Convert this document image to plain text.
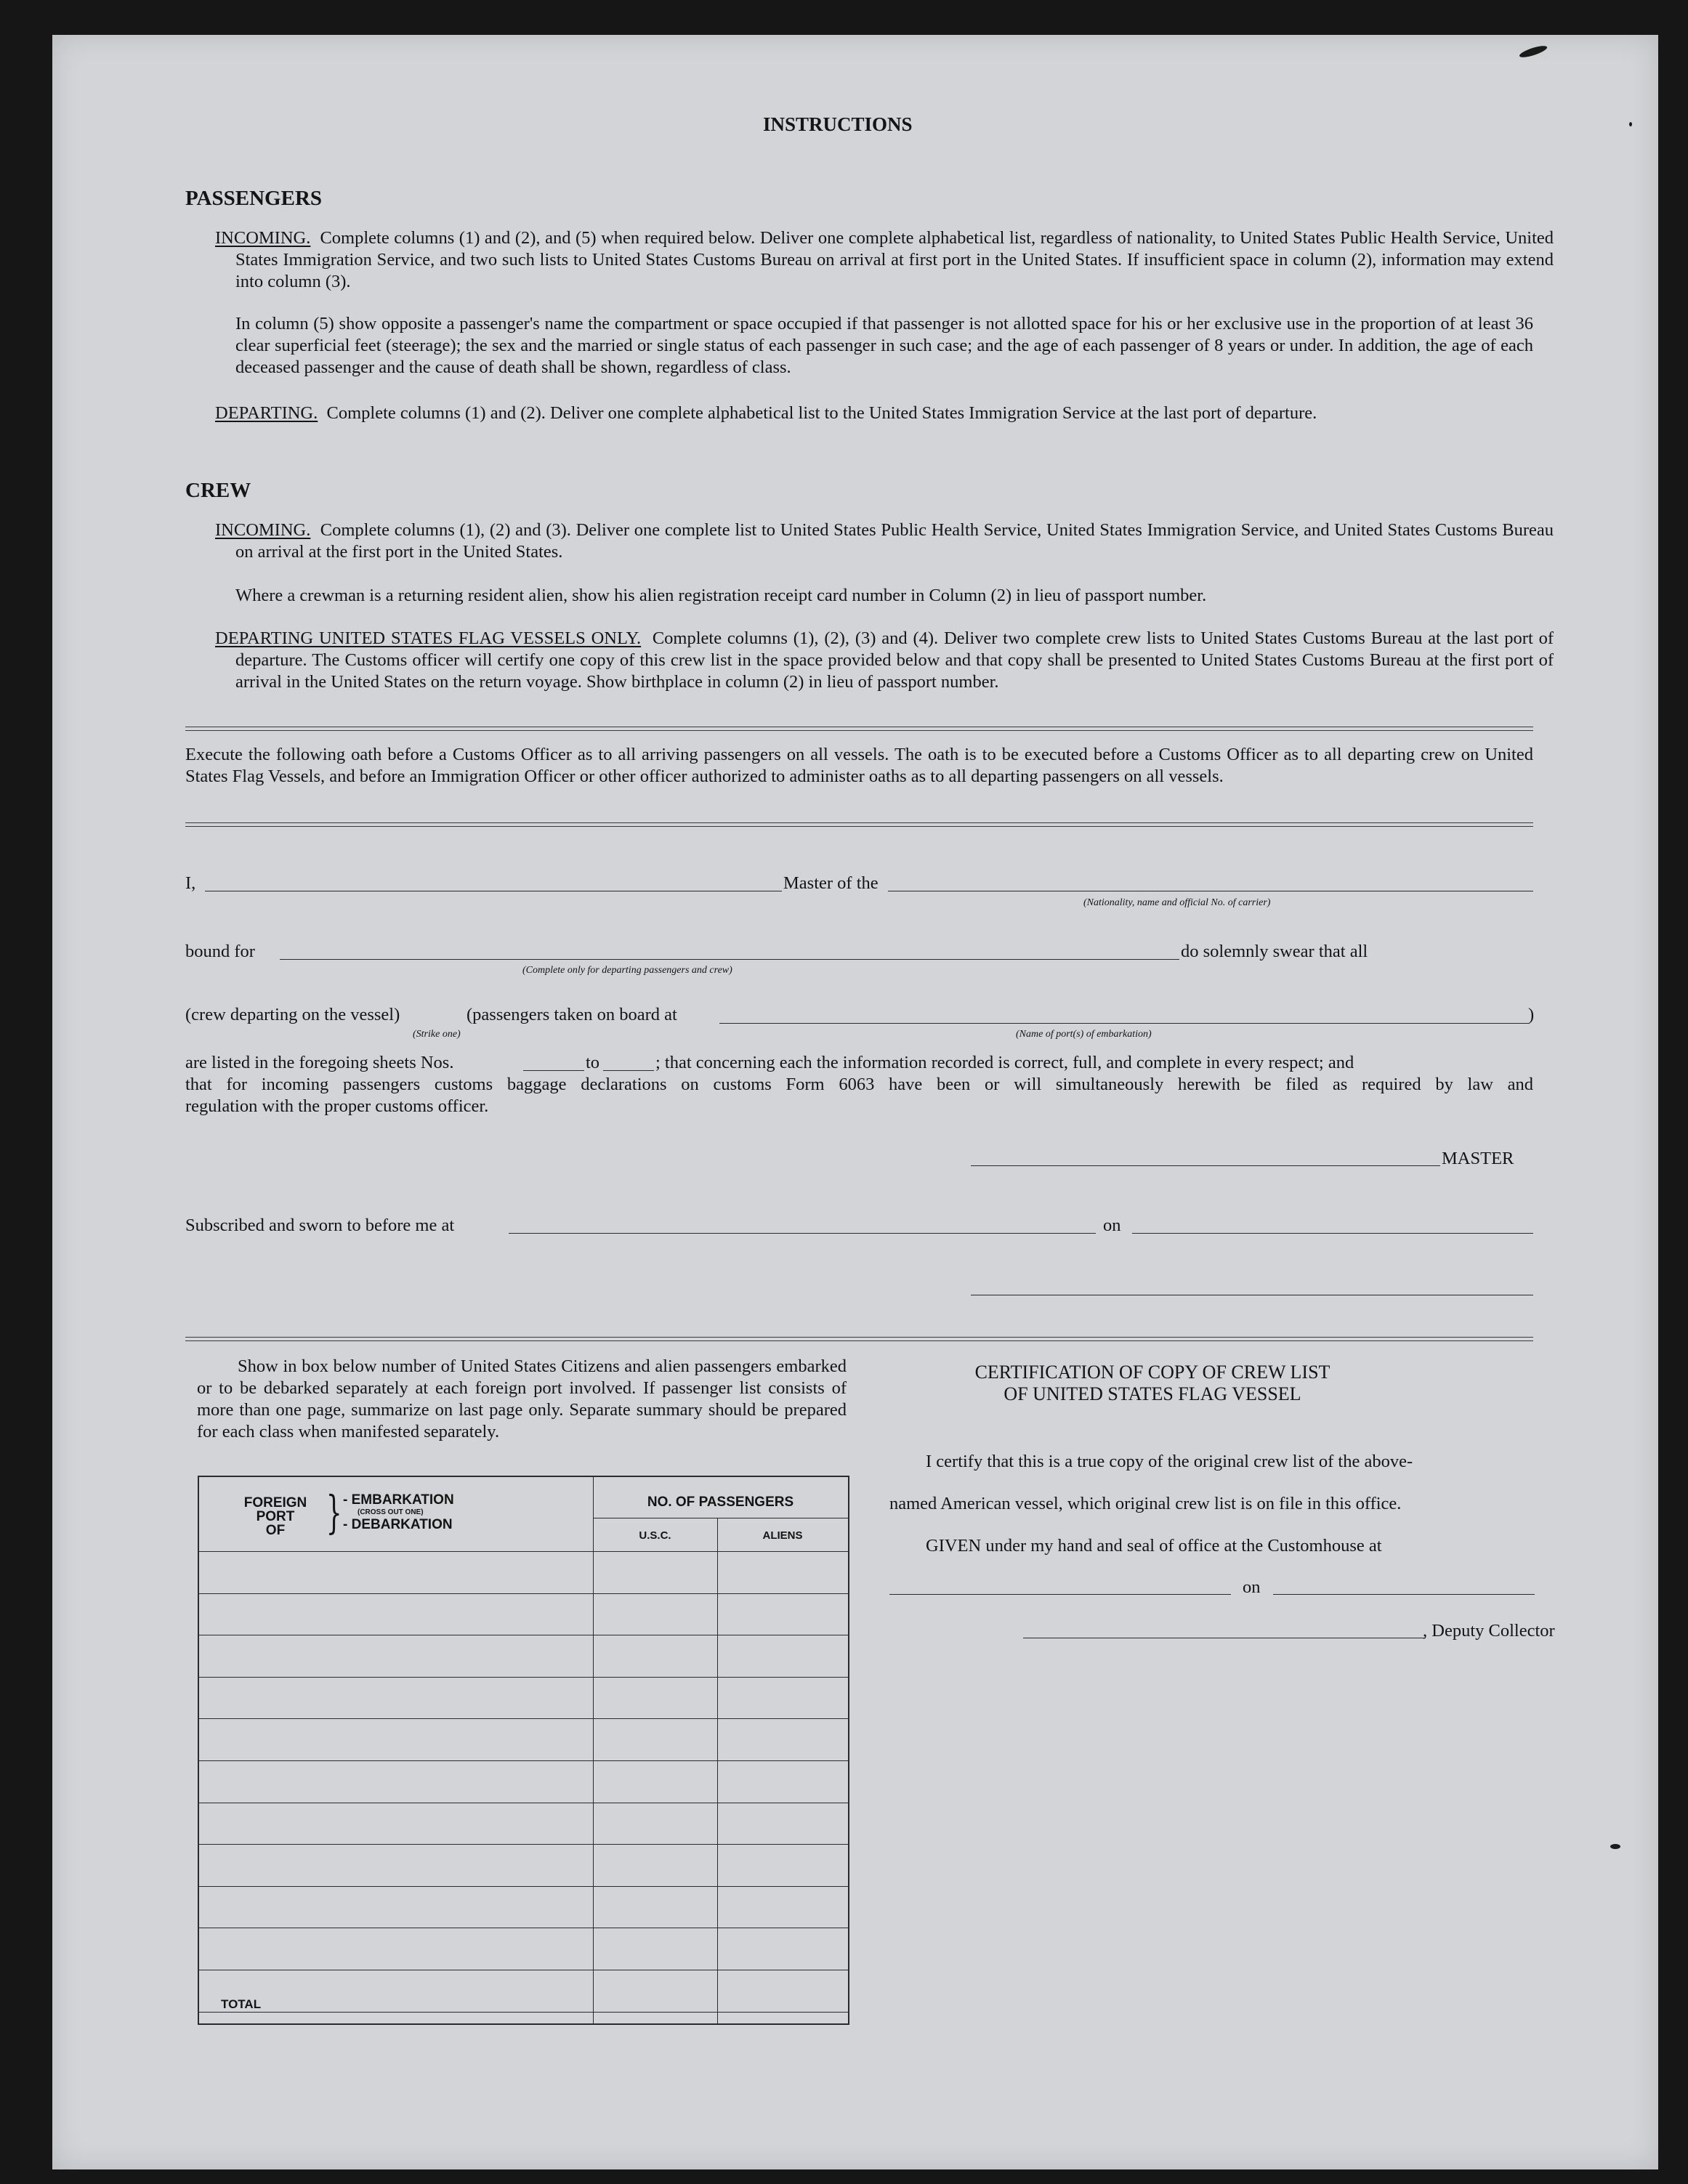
INSTRUCTIONS
PASSENGERS
INCOMING. Complete columns (1) and (2), and (5) when required below. Deliver one complete alphabetical list, regardless of nationality, to United States Public Health Service, United States Immigration Service, and two such lists to United States Customs Bureau on arrival at first port in the United States. If insufficient space in column (2), information may extend into column (3).
In column (5) show opposite a passenger's name the compartment or space occupied if that passenger is not allotted space for his or her exclusive use in the proportion of at least 36 clear superficial feet (steerage); the sex and the married or single status of each passenger in such case; and the age of each passenger of 8 years or under. In addition, the age of each deceased passenger and the cause of death shall be shown, regardless of class.
DEPARTING. Complete columns (1) and (2). Deliver one complete alphabetical list to the United States Immigration Service at the last port of departure.
CREW
INCOMING. Complete columns (1), (2) and (3). Deliver one complete list to United States Public Health Service, United States Immigration Service, and United States Customs Bureau on arrival at the first port in the United States.
Where a crewman is a returning resident alien, show his alien registration receipt card number in Column (2) in lieu of passport number.
DEPARTING UNITED STATES FLAG VESSELS ONLY. Complete columns (1), (2), (3) and (4). Deliver two complete crew lists to United States Customs Bureau at the last port of departure. The Customs officer will certify one copy of this crew list in the space provided below and that copy shall be presented to United States Customs Bureau at the first port of arrival in the United States on the return voyage. Show birthplace in column (2) in lieu of passport number.
Execute the following oath before a Customs Officer as to all arriving passengers on all vessels. The oath is to be executed before a Customs Officer as to all departing crew on United States Flag Vessels, and before an Immigration Officer or other officer authorized to administer oaths as to all departing passengers on all vessels.
I,	Master of the
(Nationality, name and official No. of carrier)
bound for
(Complete only for departing passengers and crew)
do solemnly swear that all
(crew departing on the vessel)	(passengers taken on board at	)
(Strike one)	(Name of port(s) of embarkation)
are listed in the foregoing sheets Nos.	to	; that concerning each the information recorded is correct, full, and complete in every respect; and
that for incoming passengers customs baggage declarations on customs Form 6063 have been or will simultaneously herewith be filed as required by law and
regulation with the proper customs officer.
MASTER
Subscribed and sworn to before me at	on
Show in box below number of United States Citizens and alien passengers embarked or to be debarked separately at each foreign port involved. If passenger list consists of more than one page, summarize on last page only. Separate summary should be prepared for each class when manifested separately.
FOREIGN
PORT
OF } - EMBARKATION
(CROSS OUT ONE)
- DEBARKATION
NO. OF PASSENGERS
U.S.C.	ALIENS
TOTAL
CERTIFICATION OF COPY OF CREW LIST
OF UNITED STATES FLAG VESSEL
I certify that this is a true copy of the original crew list of the above-
named American vessel, which original crew list is on file in this office.
GIVEN under my hand and seal of office at the Customhouse at
on
, Deputy Collector
